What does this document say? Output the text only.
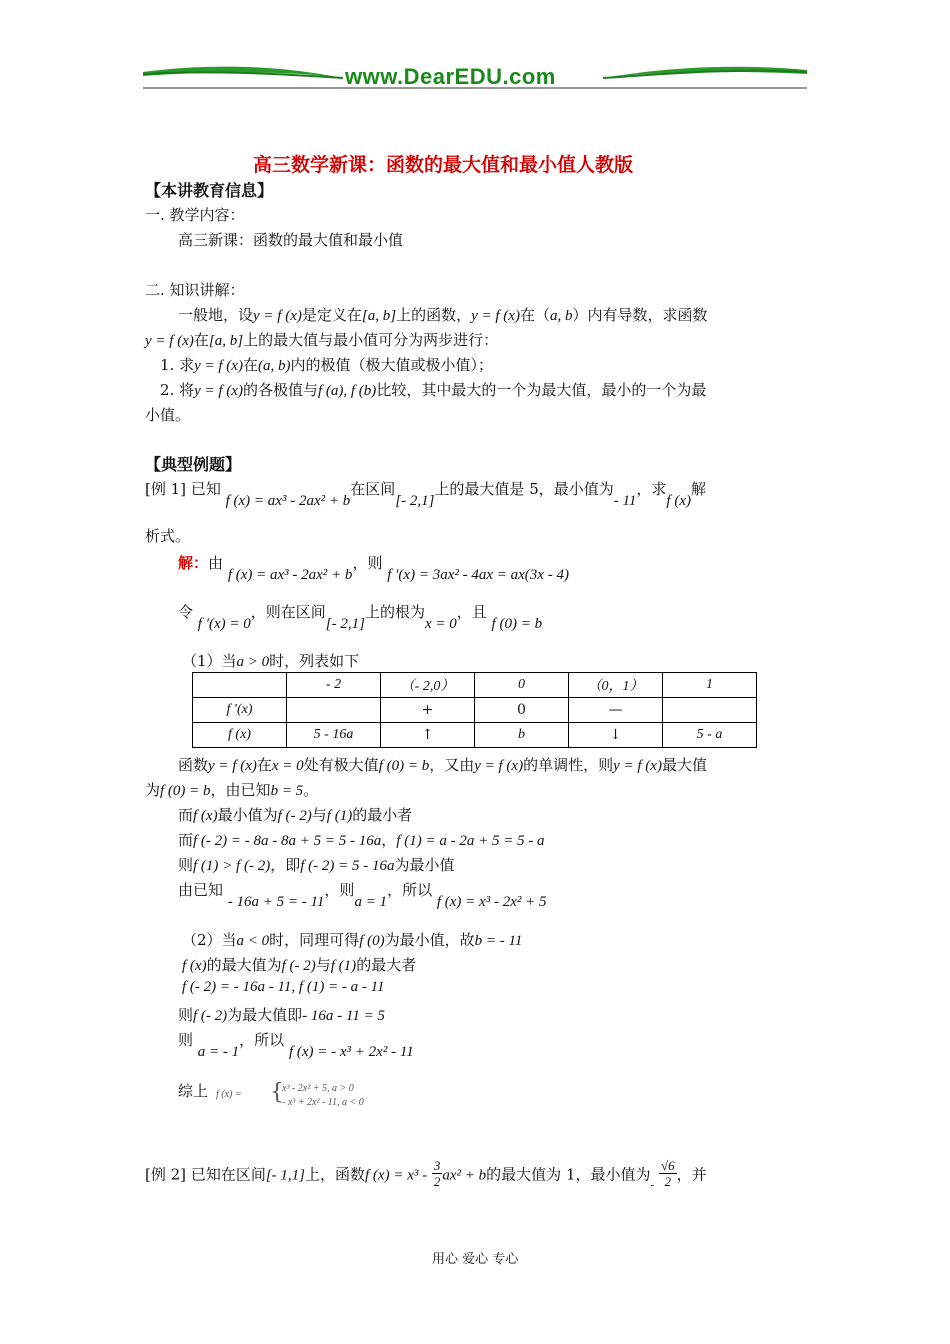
www.DearEDU.com
高三数学新课：函数的最大值和最小值人教版
【本讲教育信息】
一. 教学内容：
高三新课：函数的最大值和最小值
二. 知识讲解：
一般地，设y = f (x)是定义在[a, b]上的函数，y = f (x)在（a, b）内有导数，求函数
y = f (x)在[a, b]上的最大值与最小值可分为两步进行：
1. 求y = f (x)在(a, b)内的极值（极大值或极小值）；
2. 将y = f (x)的各极值与f (a), f (b)比较，其中最大的一个为最大值，最小的一个为最
小值。
【典型例题】
[例 1] 已知 f (x) = ax³ - 2ax² + b在区间[- 2,1]上的最大值是 5，最小值为- 11，求f (x)解
析式。
解：由 f (x) = ax³ - 2ax² + b，则 f ′(x) = 3ax² - 4ax = ax(3x - 4)
令 f ′(x) = 0，则在区间[- 2,1]上的根为x = 0，且 f (0) = b
（1）当a > 0时，列表如下
	- 2	（- 2,0）	0	（0，1）	1
f ′(x)		+	0	—	
f (x)	5 - 16a	↑	b	↓	5 - a
函数y = f (x)在x = 0处有极大值f (0) = b，又由y = f (x)的单调性，则y = f (x)最大值
为f (0) = b，由已知b = 5。
而f (x)最小值为f (- 2)与f (1)的最小者
而f (- 2) = - 8a - 8a + 5 = 5 - 16a，f (1) = a - 2a + 5 = 5 - a
则f (1) > f (- 2)，即f (- 2) = 5 - 16a为最小值
由已知 - 16a + 5 = - 11，则a = 1，所以 f (x) = x³ - 2x² + 5
（2）当a < 0时，同理可得f (0)为最小值，故b = - 11
f (x)的最大值为f (- 2)与f (1)的最大者
f (- 2) = - 16a - 11, f (1) = - a - 11
则f (- 2)为最大值即- 16a - 11 = 5
则 a = - 1，所以 f (x) = - x³ + 2x² - 11
综上 f (x) = {
x³ - 2x² + 5, a > 0
- x³ + 2x² - 11, a < 0
[例 2] 已知在区间[- 1,1]上，函数f $(x) = x^3 - \frac{3}{2} ax^2 + b$的最大值为 1，最小值为$_- \frac{√6}{2}$ ，并
用心 爱心 专心
